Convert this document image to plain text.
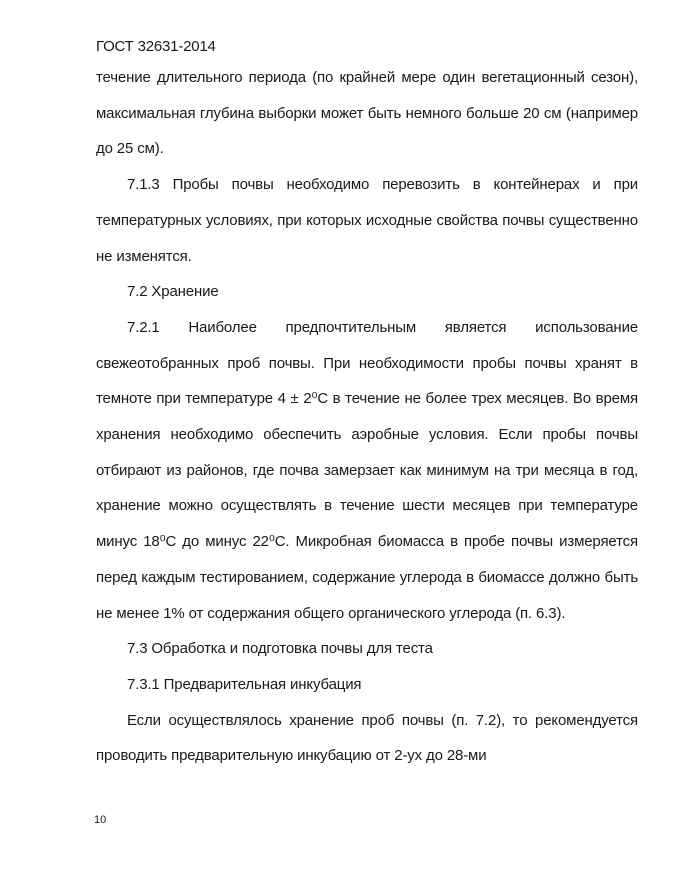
ГОСТ 32631-2014

течение длительного периода (по крайней мере один вегетационный сезон), максимальная глубина выборки может быть немного больше 20 см (например до 25 см).

7.1.3 Пробы почвы необходимо перевозить в контейнерах и при температурных условиях, при которых исходные свойства почвы существенно не изменятся.

7.2 Хранение

7.2.1 Наиболее предпочтительным является использование свежеотобранных проб почвы. При необходимости пробы почвы хранят в темноте при температуре 4 ± 2⁰С в течение не более трех месяцев. Во время хранения необходимо обеспечить аэробные условия. Если пробы почвы отбирают из районов, где почва замерзает как минимум на три месяца в год, хранение можно осуществлять в течение шести месяцев при температуре минус 18⁰С до минус 22⁰С. Микробная биомасса в пробе почвы измеряется перед каждым тестированием, содержание углерода в биомассе должно быть не менее 1% от содержания общего органического углерода (п. 6.3).

7.3 Обработка и подготовка почвы для теста

7.3.1 Предварительная инкубация

Если осуществлялось хранение проб почвы (п. 7.2), то рекомендуется проводить предварительную инкубацию от 2-ух до 28-ми

10
